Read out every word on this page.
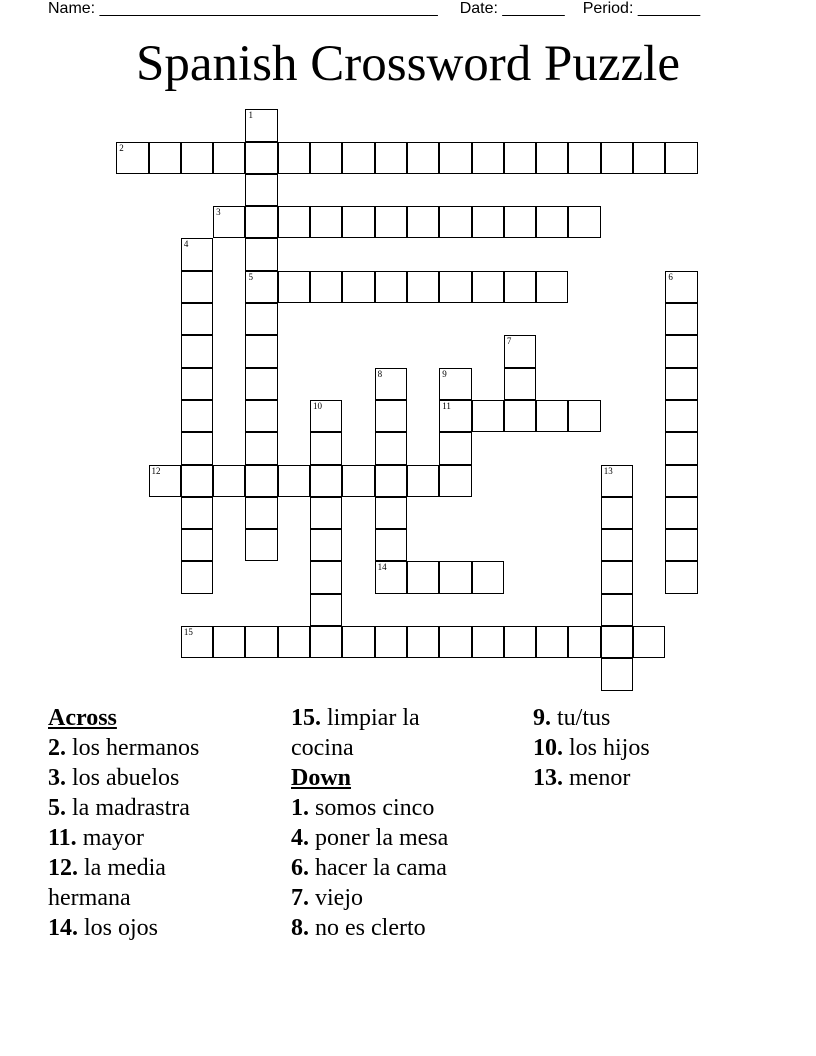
Name: ______________________________________ Date: _______ Period: _______
Spanish Crossword Puzzle
1
5
2
3
4
6
7
8
14
9
11
10
12	13
15
Across
2. los hermanos
3. los abuelos
5. la madrastra
11. mayor
12. la media hermana
14. los ojos
15. limpiar la cocina
Down
1. somos cinco
4. poner la mesa
6. hacer la cama
7. viejo
8. no es clerto
9. tu/tus
10. los hijos
13. menor
